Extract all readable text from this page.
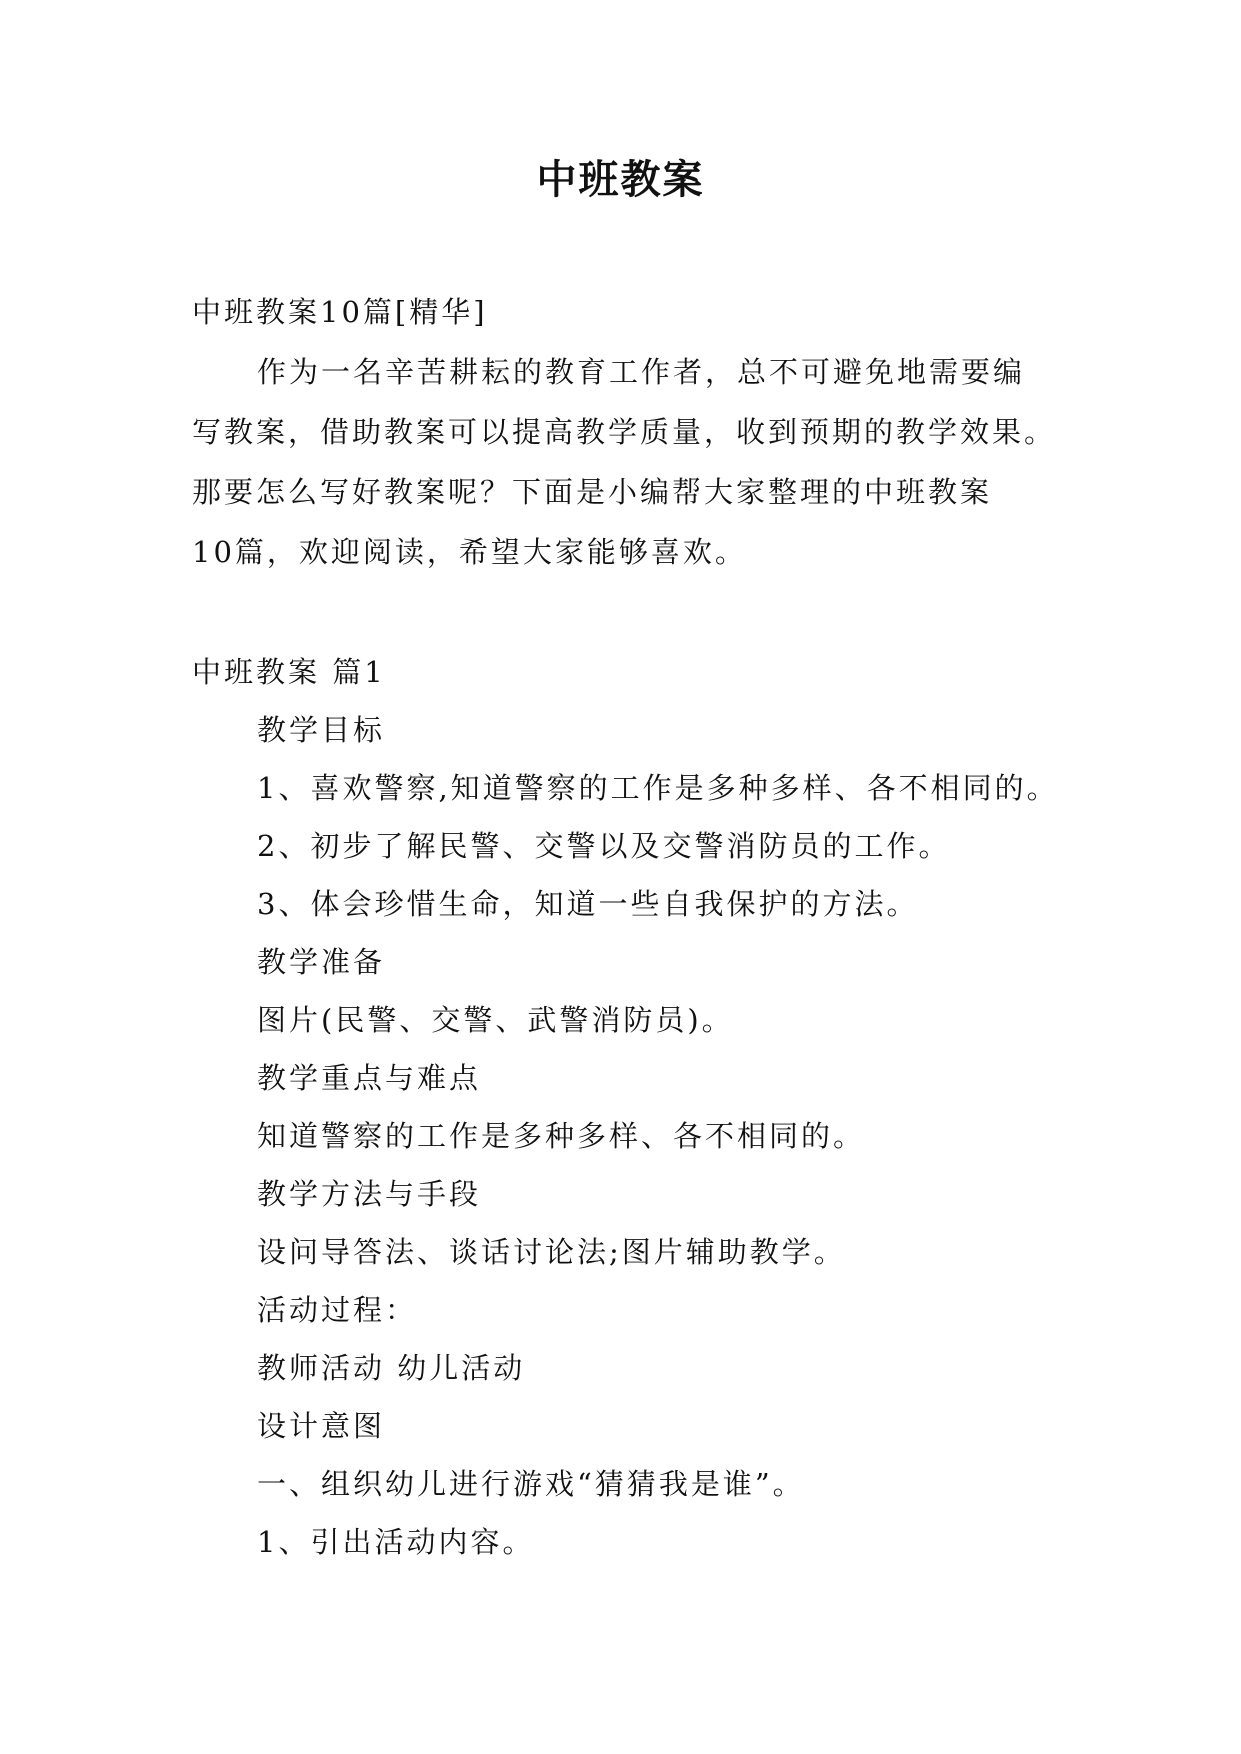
中班教案
中班教案10篇[精华]
作为一名辛苦耕耘的教育工作者，总不可避免地需要编
写教案，借助教案可以提高教学质量，收到预期的教学效果。
那要怎么写好教案呢？下面是小编帮大家整理的中班教案
10篇，欢迎阅读，希望大家能够喜欢。
中班教案 篇1
教学目标
1、喜欢警察,知道警察的工作是多种多样、各不相同的。
2、初步了解民警、交警以及交警消防员的工作。
3、体会珍惜生命，知道一些自我保护的方法。
教学准备
图片(民警、交警、武警消防员)。
教学重点与难点
知道警察的工作是多种多样、各不相同的。
教学方法与手段
设问导答法、谈话讨论法;图片辅助教学。
活动过程：
教师活动 幼儿活动
设计意图
一、组织幼儿进行游戏“猜猜我是谁”。
1、引出活动内容。
